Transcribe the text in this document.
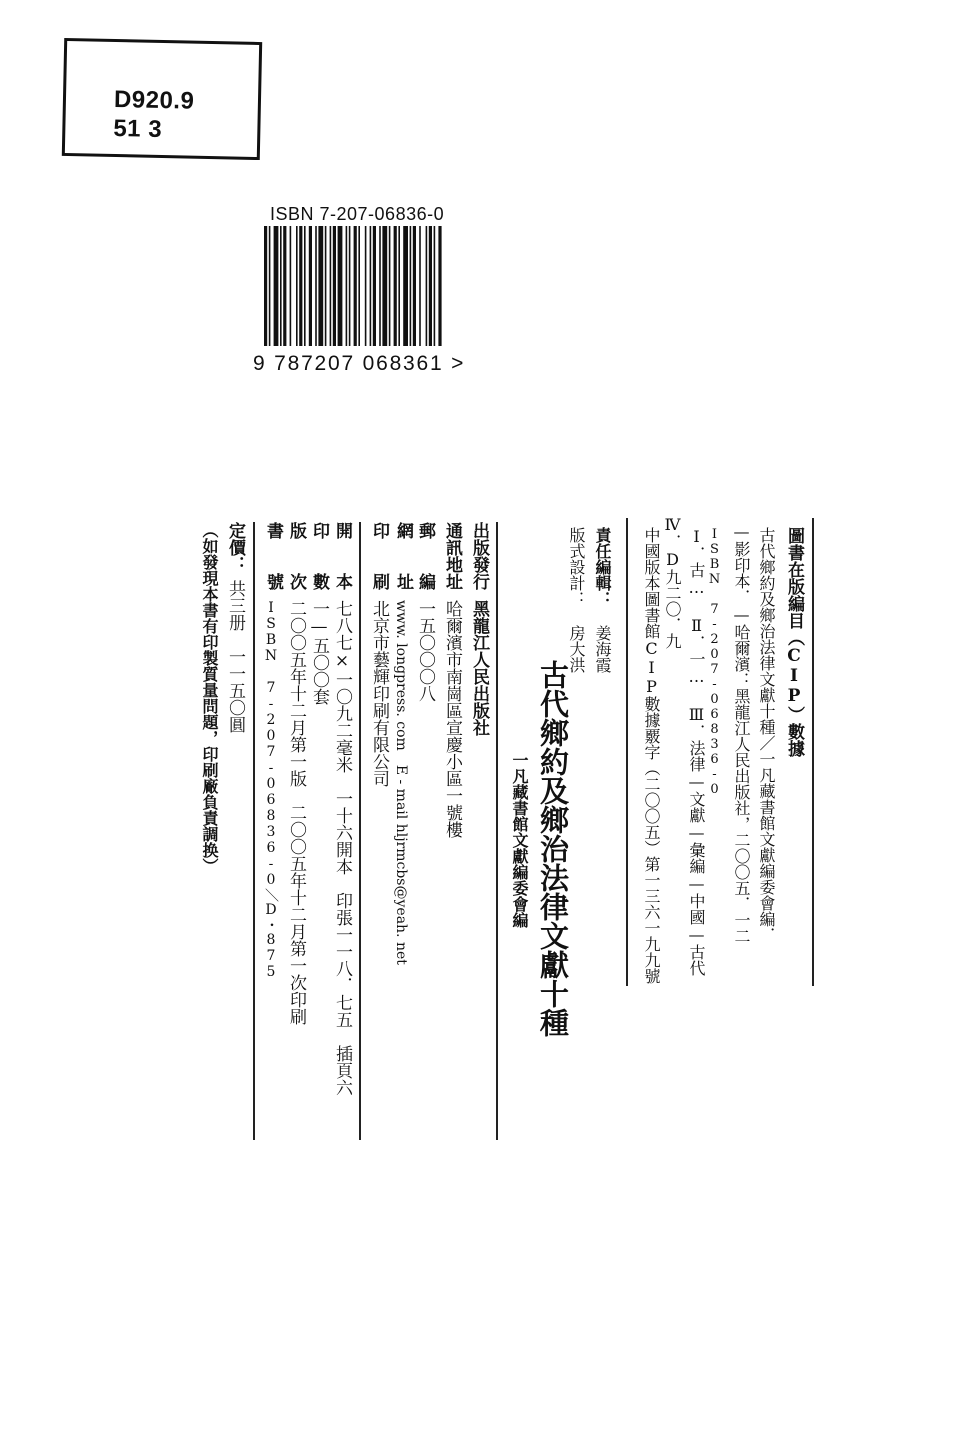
D920.9
51 3
ISBN 7-207-06836-0
9 787207 068361 >
圖書在版編目（CIP）數據
古代鄉約及鄉治法律文獻十種／一凡藏書館文獻編委會編．
—影印本．—哈爾濱：黑龍江人民出版社，二〇〇五．一二
ISBN 7-207-06836-0
Ⅰ．古… Ⅱ．一… Ⅲ．法律—文獻—彙編—中國—古代
Ⅳ．D九二〇．九
中國版本圖書館CIP數據覈字（二〇〇五）第一三六一九九號
古代鄉約及鄉治法律文獻十種
一凡藏書館文獻編委會編
責任編輯：
姜海霞
版式設計：
房大洪
出版發行
黑龍江人民出版社
通訊地址
哈爾濱市南崗區宣慶小區一號樓
郵　　編
一五〇〇〇八
網　　址
www. longpress. com　E - mail hljrmcbs@yeah. net
印　　刷
北京市藝輝印刷有限公司
開　　本
七八七×一〇九二毫米　一十六開本　印張一一八．七五　插頁六
印　　數
一—五〇〇套
版　　次
二〇〇五年十二月第一版　二〇〇五年十二月第一次印刷
書　　號
ISBN 7-207-06836-0＼D・875
定價：
共三册　一一五〇圓
（如發現本書有印製質量問題，印刷廠負責調换）
